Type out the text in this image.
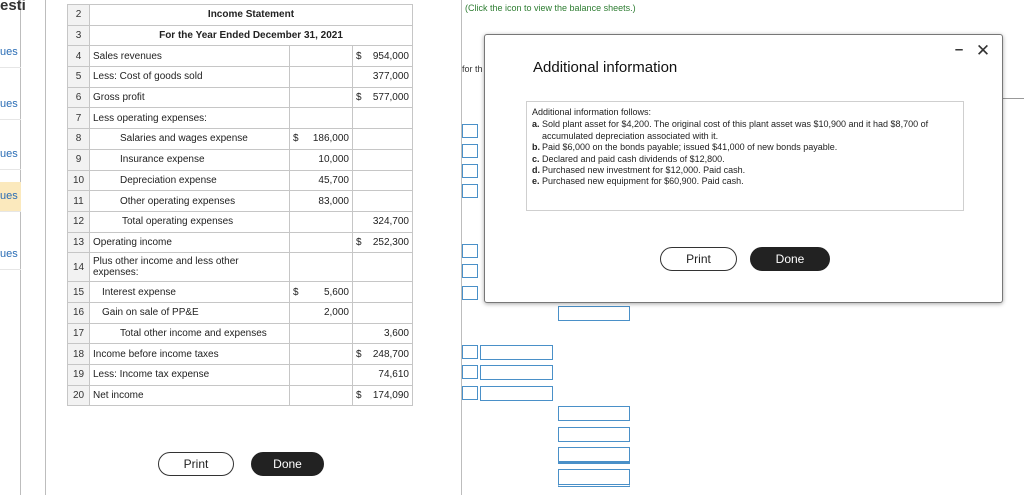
esti
ues
ues
ues
ues
ues
2	Income Statement		
3	For the Year Ended December 31, 2021		
4	Sales revenues		$ 954,000

5	Less: Cost of goods sold		377,000

6	Gross profit		$ 577,000

7	Less operating expenses:	

8	Salaries and wages expense	$ 186,000	

9	Insurance expense	10,000	

10	Depreciation expense	45,700	

11	Other operating expenses	83,000	

12	Total operating expenses		324,700

13	Operating income		$ 252,300

14	Plus other income and less other expenses:	

15	Interest expense	$ 5,600	

16	Gain on sale of PP&E	2,000	

17	Total other income and expenses		3,600

18	Income before income taxes		$ 248,700

19	Less: Income tax expense		74,610

20	Net income		$ 174,090
Print	Done
(Click the icon to view the balance sheets.)
for th	Additional information
– ✕
Additional information follows:
a. Sold plant asset for $4,200. The original cost of this plant asset was $10,900 and it had $8,700 of accumulated depreciation associated with it.
b. Paid $6,000 on the bonds payable; issued $41,000 of new bonds payable.
c. Declared and paid cash dividends of $12,800.
d. Purchased new investment for $12,000. Paid cash.
e. Purchased new equipment for $60,900. Paid cash.
Print	Done
